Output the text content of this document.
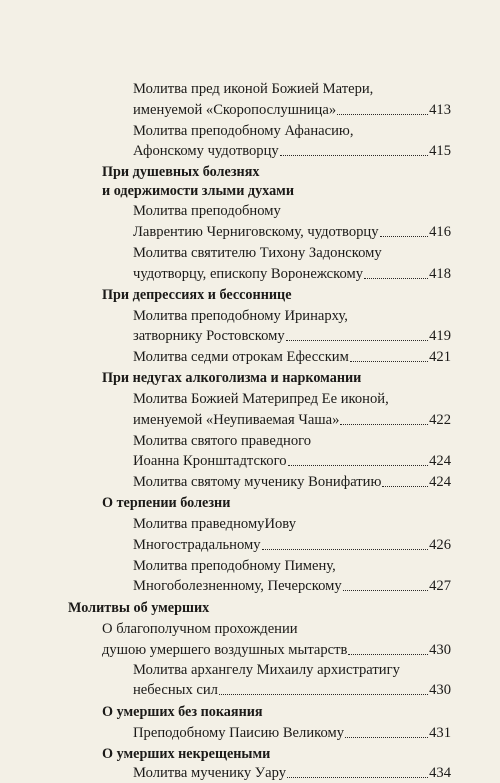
Молитва пред иконой Божией Матери,
именуемой «Скоропослушница»	413
Молитва преподобному Афанасию,
Афонскому чудотворцу	415
При душевных болезнях
и одержимости злыми духами
Молитва преподобному
Лаврентию Черниговскому, чудотворцу	416
Молитва святителю Тихону Задонскому
чудотворцу, епископу Воронежскому	418
При депрессиях и бессоннице
Молитва преподобному Иринарху,
затворнику Ростовскому	419
Молитва седми отрокам Ефесским	421
При недугах алкоголизма и наркомании
Молитва Божией Материпред Ее иконой,
именуемой «Неупиваемая Чаша»	422
Молитва святого праведного
Иоанна Кронштадтского	424
Молитва святому мученику Вонифатию	424
О терпении болезни
Молитва праведномуИову
Многострадальному	426
Молитва преподобному Пимену,
Многоболезненному, Печерскому	427
Молитвы об умерших
О благополучном прохождении
душою умершего воздушных мытарств	430
Молитва архангелу Михаилу архистратигу
небесных сил	430
О умерших без покаяния
Преподобному Паисию Великому	431
О умерших некрещеными
Молитва мученику Уару	434
